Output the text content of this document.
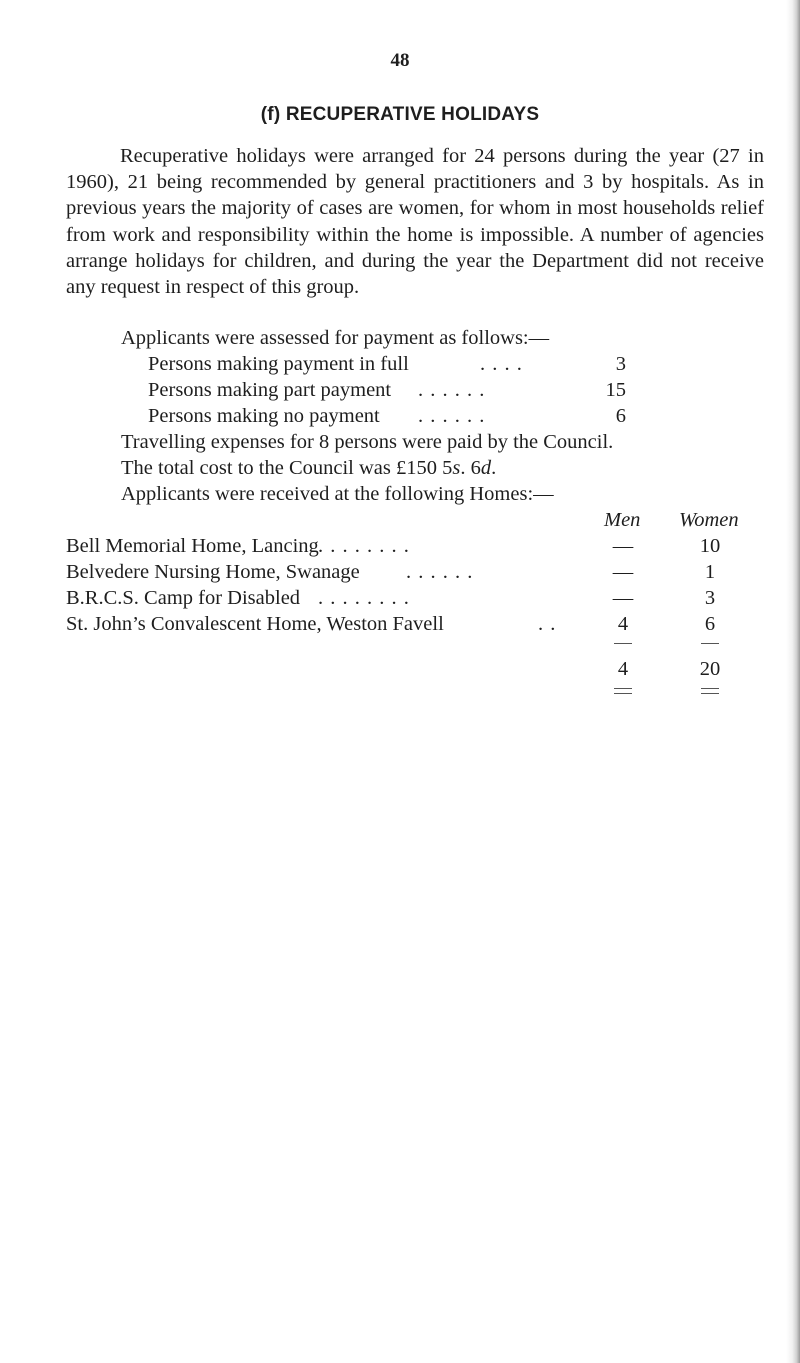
48
(f) RECUPERATIVE HOLIDAYS

Recuperative holidays were arranged for 24 persons during the year (27 in 1960), 21 being recommended by general practitioners and 3 by hospitals. As in previous years the majority of cases are women, for whom in most households relief from work and responsibility within the home is impossible. A number of agencies arrange holidays for children, and during the year the Department did not receive any request in respect of this group.

Applicants were assessed for payment as follows:—
Persons making payment in full	. . . .	3
Persons making part payment . . . . . .	15
Persons making no payment . . . . . .	6
Travelling expenses for 8 persons were paid by the Council.
The total cost to the Council was £150 5s. 6d.
Applicants were received at the following Homes:—
Men Women
Bell Memorial Home, Lancing . . . . . . . .	—	10
Belvedere Nursing Home, Swanage . . . . . .	—	1
B.R.C.S. Camp for Disabled . . . . . . . .	—	3
St. John’s Convalescent Home, Weston Favell	. .	4	6
4	20
